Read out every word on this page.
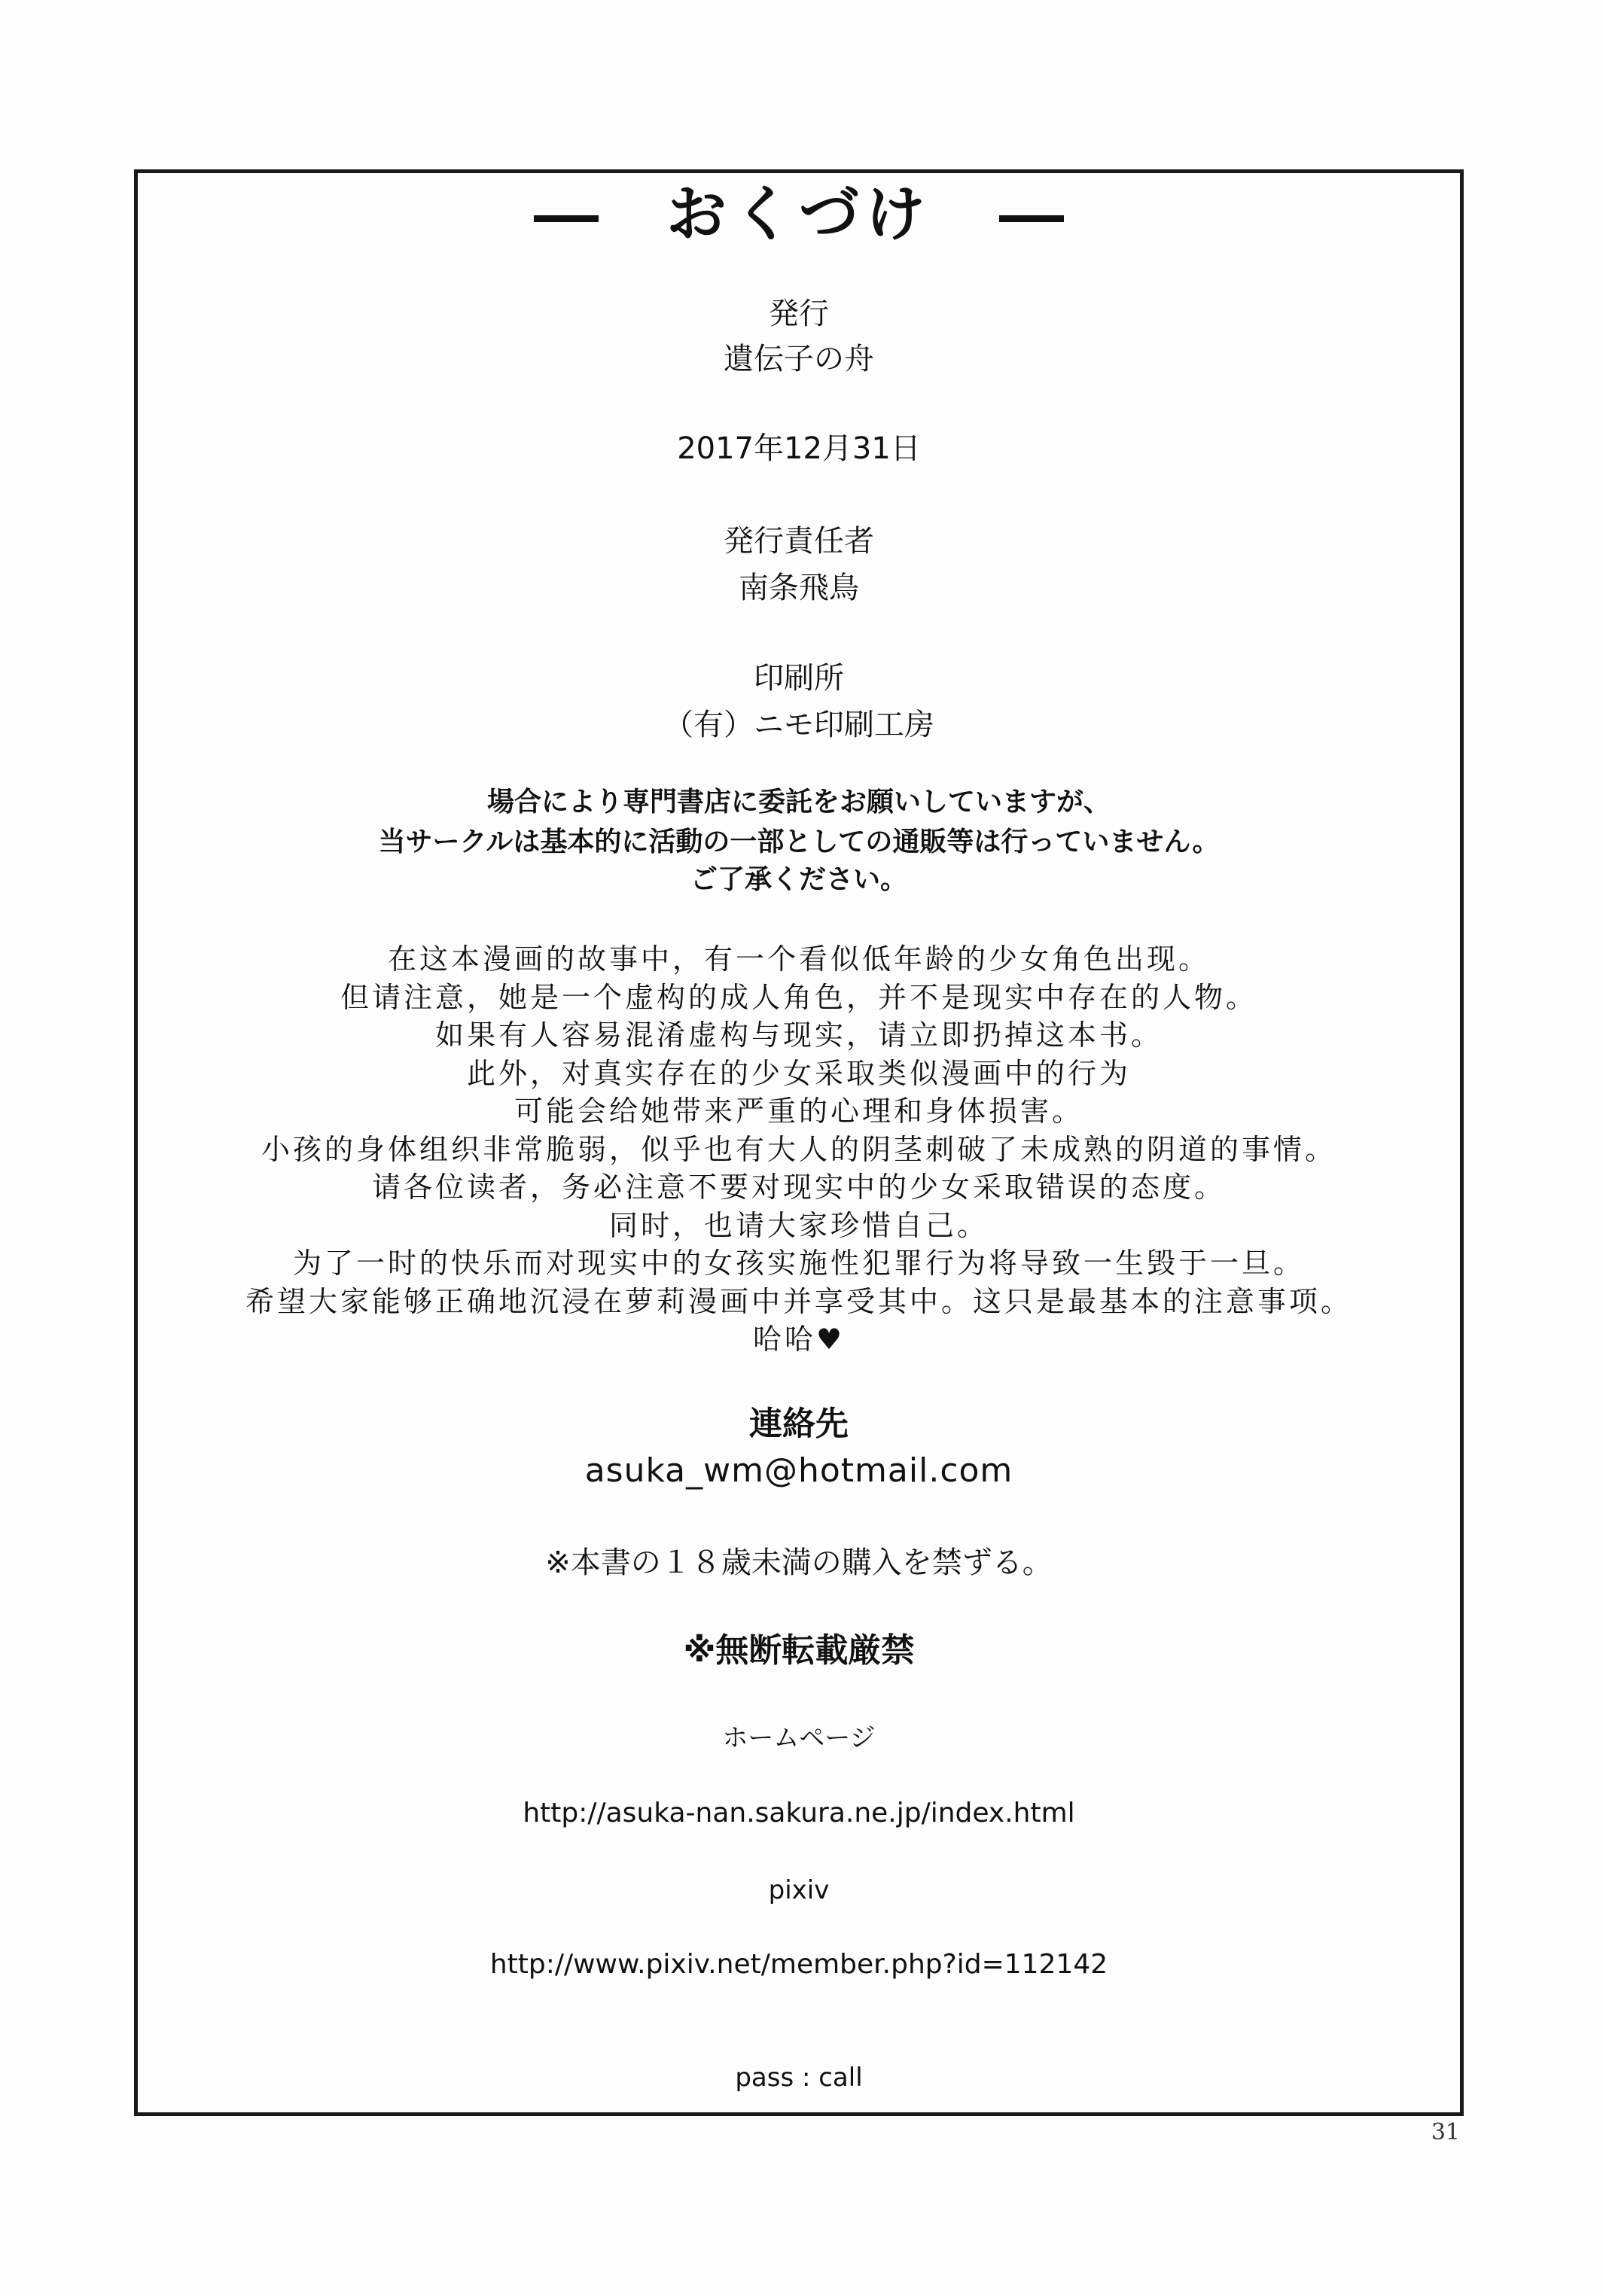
おくづけ
発行
遺伝子の舟
2017年12月31日
発行責任者
南条飛鳥
印刷所
（有）ニモ印刷工房
場合により専門書店に委託をお願いしていますが、
当サークルは基本的に活動の一部としての通販等は行っていません。
ご了承ください。
在这本漫画的故事中，有一个看似低年龄的少女角色出现。
但请注意，她是一个虚构的成人角色，并不是现实中存在的人物。
如果有人容易混淆虚构与现实，请立即扔掉这本书。
此外，对真实存在的少女采取类似漫画中的行为
可能会给她带来严重的心理和身体损害。
小孩的身体组织非常脆弱，似乎也有大人的阴茎刺破了未成熟的阴道的事情。
请各位读者，务必注意不要对现实中的少女采取错误的态度。
同时，也请大家珍惜自己。
为了一时的快乐而对现实中的女孩实施性犯罪行为将导致一生毁于一旦。
希望大家能够正确地沉浸在萝莉漫画中并享受其中。这只是最基本的注意事项。
哈哈♥
連絡先
asuka_wm@hotmail.com
※本書の１８歳未満の購入を禁ずる。
※無断転載厳禁
ホームページ
http://asuka-nan.sakura.ne.jp/index.html
pixiv
http://www.pixiv.net/member.php?id=112142
pass : call
31
